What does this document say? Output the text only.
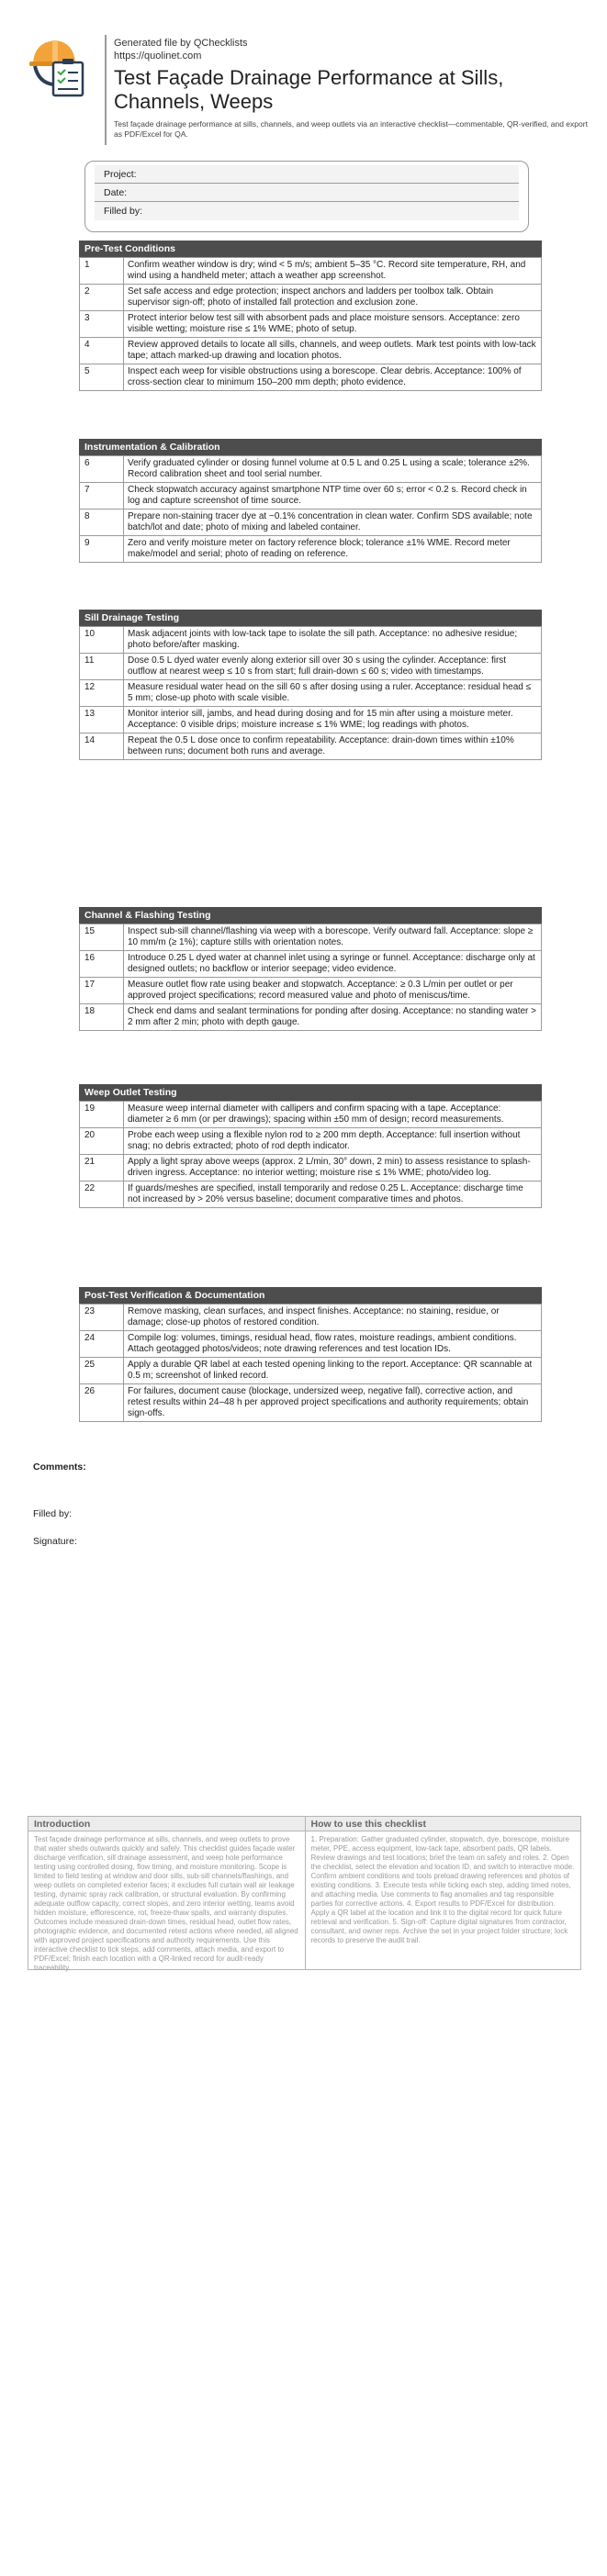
Generated file by QChecklists
https://quolinet.com
Test Façade Drainage Performance at Sills, Channels, Weeps
Test façade drainage performance at sills, channels, and weep outlets via an interactive checklist—commentable, QR-verified, and export as PDF/Excel for QA.
Project:
Date:
Filled by:
Pre-Test Conditions
1	Confirm weather window is dry; wind < 5 m/s; ambient 5–35 °C. Record site temperature, RH, and wind using a handheld meter; attach a weather app screenshot.
2	Set safe access and edge protection; inspect anchors and ladders per toolbox talk. Obtain supervisor sign-off; photo of installed fall protection and exclusion zone.
3	Protect interior below test sill with absorbent pads and place moisture sensors. Acceptance: zero visible wetting; moisture rise ≤ 1% WME; photo of setup.
4	Review approved details to locate all sills, channels, and weep outlets. Mark test points with low-tack tape; attach marked-up drawing and location photos.
5	Inspect each weep for visible obstructions using a borescope. Clear debris. Acceptance: 100% of cross-section clear to minimum 150–200 mm depth; photo evidence.
Instrumentation & Calibration
6	Verify graduated cylinder or dosing funnel volume at 0.5 L and 0.25 L using a scale; tolerance ±2%. Record calibration sheet and tool serial number.
7	Check stopwatch accuracy against smartphone NTP time over 60 s; error < 0.2 s. Record check in log and capture screenshot of time source.
8	Prepare non-staining tracer dye at ~0.1% concentration in clean water. Confirm SDS available; note batch/lot and date; photo of mixing and labeled container.
9	Zero and verify moisture meter on factory reference block; tolerance ±1% WME. Record meter make/model and serial; photo of reading on reference.
Sill Drainage Testing
10	Mask adjacent joints with low-tack tape to isolate the sill path. Acceptance: no adhesive residue; photo before/after masking.
11	Dose 0.5 L dyed water evenly along exterior sill over 30 s using the cylinder. Acceptance: first outflow at nearest weep ≤ 10 s from start; full drain-down ≤ 60 s; video with timestamps.
12	Measure residual water head on the sill 60 s after dosing using a ruler. Acceptance: residual head ≤ 5 mm; close-up photo with scale visible.
13	Monitor interior sill, jambs, and head during dosing and for 15 min after using a moisture meter. Acceptance: 0 visible drips; moisture increase ≤ 1% WME; log readings with photos.
14	Repeat the 0.5 L dose once to confirm repeatability. Acceptance: drain-down times within ±10% between runs; document both runs and average.
Channel & Flashing Testing
15	Inspect sub-sill channel/flashing via weep with a borescope. Verify outward fall. Acceptance: slope ≥ 10 mm/m (≥ 1%); capture stills with orientation notes.
16	Introduce 0.25 L dyed water at channel inlet using a syringe or funnel. Acceptance: discharge only at designed outlets; no backflow or interior seepage; video evidence.
17	Measure outlet flow rate using beaker and stopwatch. Acceptance: ≥ 0.3 L/min per outlet or per approved project specifications; record measured value and photo of meniscus/time.
18	Check end dams and sealant terminations for ponding after dosing. Acceptance: no standing water > 2 mm after 2 min; photo with depth gauge.
Weep Outlet Testing
19	Measure weep internal diameter with callipers and confirm spacing with a tape. Acceptance: diameter ≥ 6 mm (or per drawings); spacing within ±50 mm of design; record measurements.
20	Probe each weep using a flexible nylon rod to ≥ 200 mm depth. Acceptance: full insertion without snag; no debris extracted; photo of rod depth indicator.
21	Apply a light spray above weeps (approx. 2 L/min, 30° down, 2 min) to assess resistance to splash-driven ingress. Acceptance: no interior wetting; moisture rise ≤ 1% WME; photo/video log.
22	If guards/meshes are specified, install temporarily and redose 0.25 L. Acceptance: discharge time not increased by > 20% versus baseline; document comparative times and photos.
Post-Test Verification & Documentation
23	Remove masking, clean surfaces, and inspect finishes. Acceptance: no staining, residue, or damage; close-up photos of restored condition.
24	Compile log: volumes, timings, residual head, flow rates, moisture readings, ambient conditions. Attach geotagged photos/videos; note drawing references and test location IDs.
25	Apply a durable QR label at each tested opening linking to the report. Acceptance: QR scannable at 0.5 m; screenshot of linked record.
26	For failures, document cause (blockage, undersized weep, negative fall), corrective action, and retest results within 24–48 h per approved project specifications and authority requirements; obtain sign-offs.
Comments:
Filled by:
Signature:
Introduction
Test façade drainage performance at sills, channels, and weep outlets to prove that water sheds outwards quickly and safely. This checklist guides façade water discharge verification, sill drainage assessment, and weep hole performance testing using controlled dosing, flow timing, and moisture monitoring. Scope is limited to field testing at window and door sills, sub-sill channels/flashings, and weep outlets on completed exterior faces; it excludes full curtain wall air leakage testing, dynamic spray rack calibration, or structural evaluation. By confirming adequate outflow capacity, correct slopes, and zero interior wetting, teams avoid hidden moisture, efflorescence, rot, freeze-thaw spalls, and warranty disputes. Outcomes include measured drain-down times, residual head, outlet flow rates, photographic evidence, and documented retest actions where needed, all aligned with approved project specifications and authority requirements. Use this interactive checklist to tick steps, add comments, attach media, and export to PDF/Excel; finish each location with a QR-linked record for audit-ready traceability.
How to use this checklist
1. Preparation: Gather graduated cylinder, stopwatch, dye, borescope, moisture meter, PPE, access equipment, low-tack tape, absorbent pads, QR labels. Review drawings and test locations; brief the team on safety and roles. 2. Open the checklist, select the elevation and location ID, and switch to interactive mode. Confirm ambient conditions and tools preload drawing references and photos of existing conditions. 3. Execute tests while ticking each step, adding timed notes, and attaching media. Use comments to flag anomalies and tag responsible parties for corrective actions. 4. Export results to PDF/Excel for distribution. Apply a QR label at the location and link it to the digital record for quick future retrieval and verification. 5. Sign-off: Capture digital signatures from contractor, consultant, and owner reps. Archive the set in your project folder structure; lock records to preserve the audit trail.
